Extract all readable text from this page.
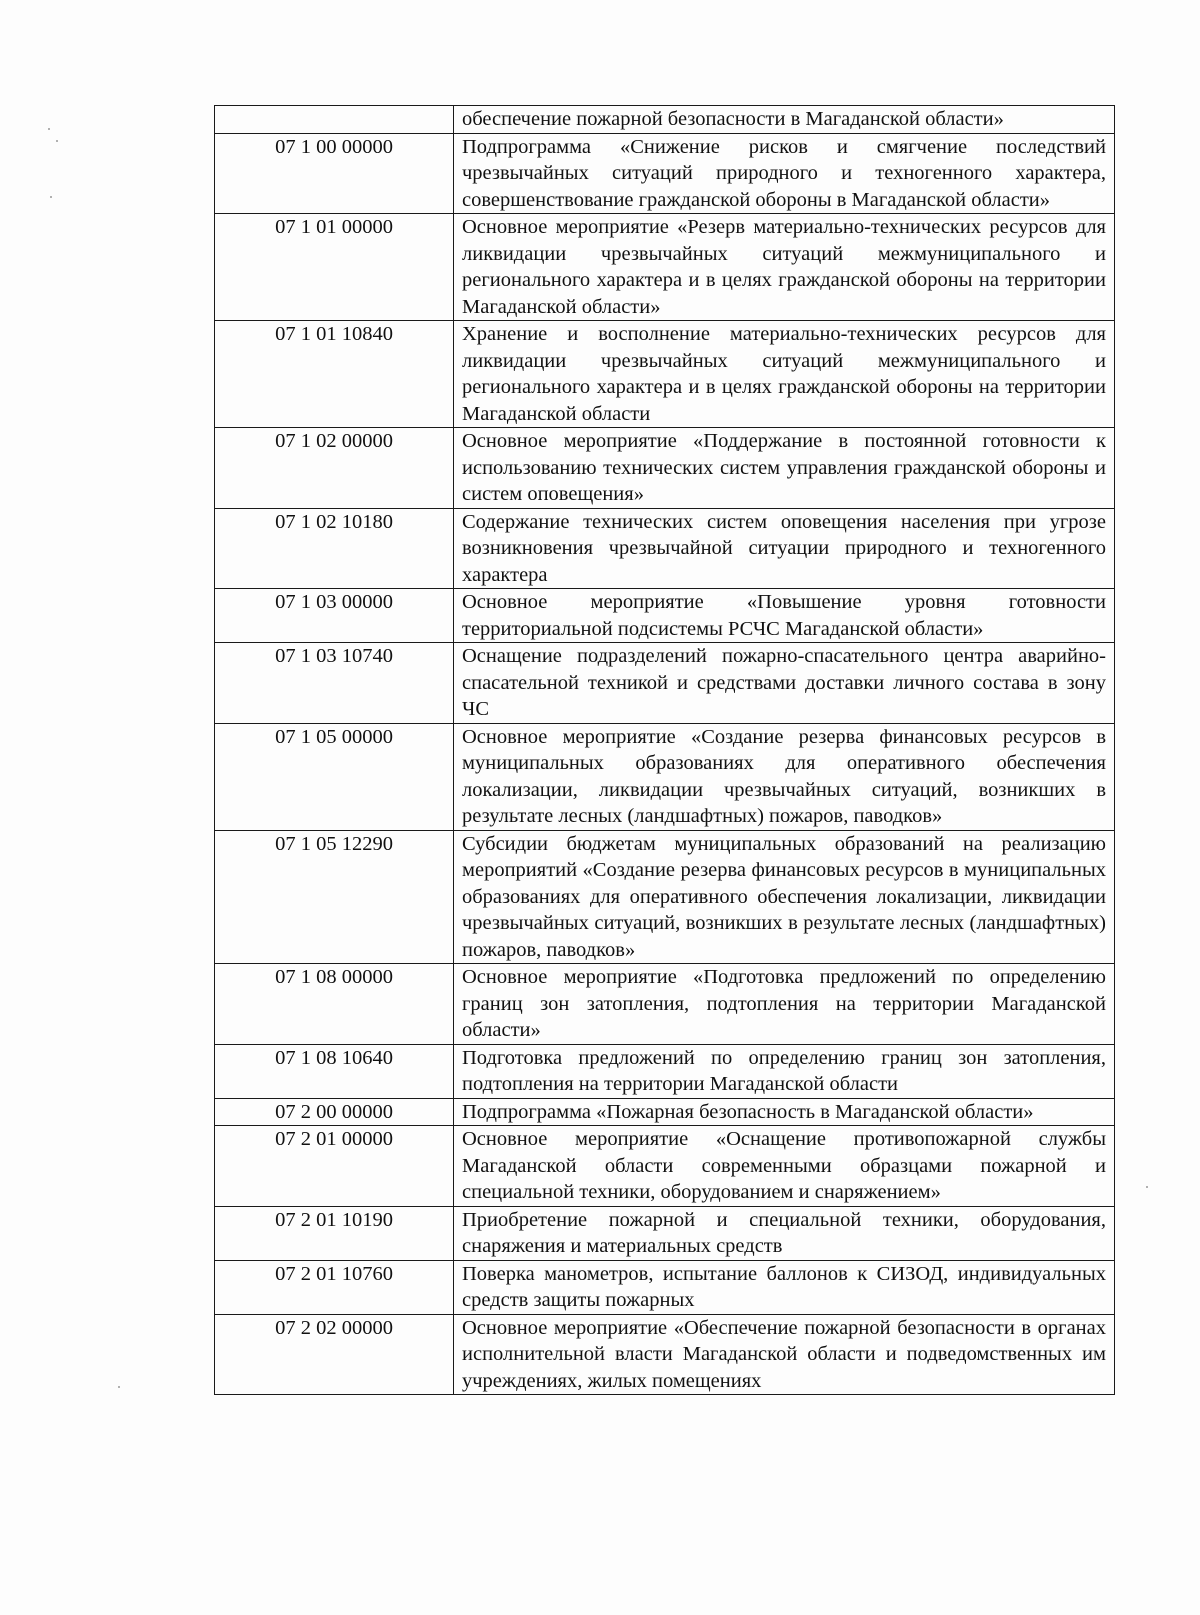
	обеспечение пожарной безопасности в Магаданской области»
07 1 00 00000	Подпрограмма «Снижение рисков и смягчение последствий чрезвычайных ситуаций природного и техногенного характера, совершенствование гражданской обороны в Магаданской области»
07 1 01 00000	Основное мероприятие «Резерв материально-технических ресурсов для ликвидации чрезвычайных ситуаций межмуниципального и регионального характера и в целях гражданской обороны на территории Магаданской области»
07 1 01 10840	Хранение и восполнение материально-технических ресурсов для ликвидации чрезвычайных ситуаций межмуниципального и регионального характера и в целях гражданской обороны на территории Магаданской области
07 1 02 00000	Основное мероприятие «Поддержание в постоянной готовности к использованию технических систем управления гражданской обороны и систем оповещения»
07 1 02 10180	Содержание технических систем оповещения населения при угрозе возникновения чрезвычайной ситуации природного и техногенного характера
07 1 03 00000	Основное мероприятие «Повышение уровня готовности территориальной подсистемы РСЧС Магаданской области»
07 1 03 10740	Оснащение подразделений пожарно-спасательного центра аварийно-спасательной техникой и средствами доставки личного состава в зону ЧС
07 1 05 00000	Основное мероприятие «Создание резерва финансовых ресурсов в муниципальных образованиях для оперативного обеспечения локализации, ликвидации чрезвычайных ситуаций, возникших в результате лесных (ландшафтных) пожаров, паводков»
07 1 05 12290	Субсидии бюджетам муниципальных образований на реализацию мероприятий «Создание резерва финансовых ресурсов в муниципальных образованиях для оперативного обеспечения локализации, ликвидации чрезвычайных ситуаций, возникших в результате лесных (ландшафтных) пожаров, паводков»
07 1 08 00000	Основное мероприятие «Подготовка предложений по определению границ зон затопления, подтопления на территории Магаданской области»
07 1 08 10640	Подготовка предложений по определению границ зон затопления, подтопления на территории Магаданской области
07 2 00 00000	Подпрограмма «Пожарная безопасность в Магаданской области»
07 2 01 00000	Основное мероприятие «Оснащение противопожарной службы Магаданской области современными образцами пожарной и специальной техники, оборудованием и снаряжением»
07 2 01 10190	Приобретение пожарной и специальной техники, оборудования, снаряжения и материальных средств
07 2 01 10760	Поверка манометров, испытание баллонов к СИЗОД, индивидуальных средств защиты пожарных
07 2 02 00000	Основное мероприятие «Обеспечение пожарной безопасности в органах исполнительной власти Магаданской области и подведомственных им учреждениях, жилых помещениях
